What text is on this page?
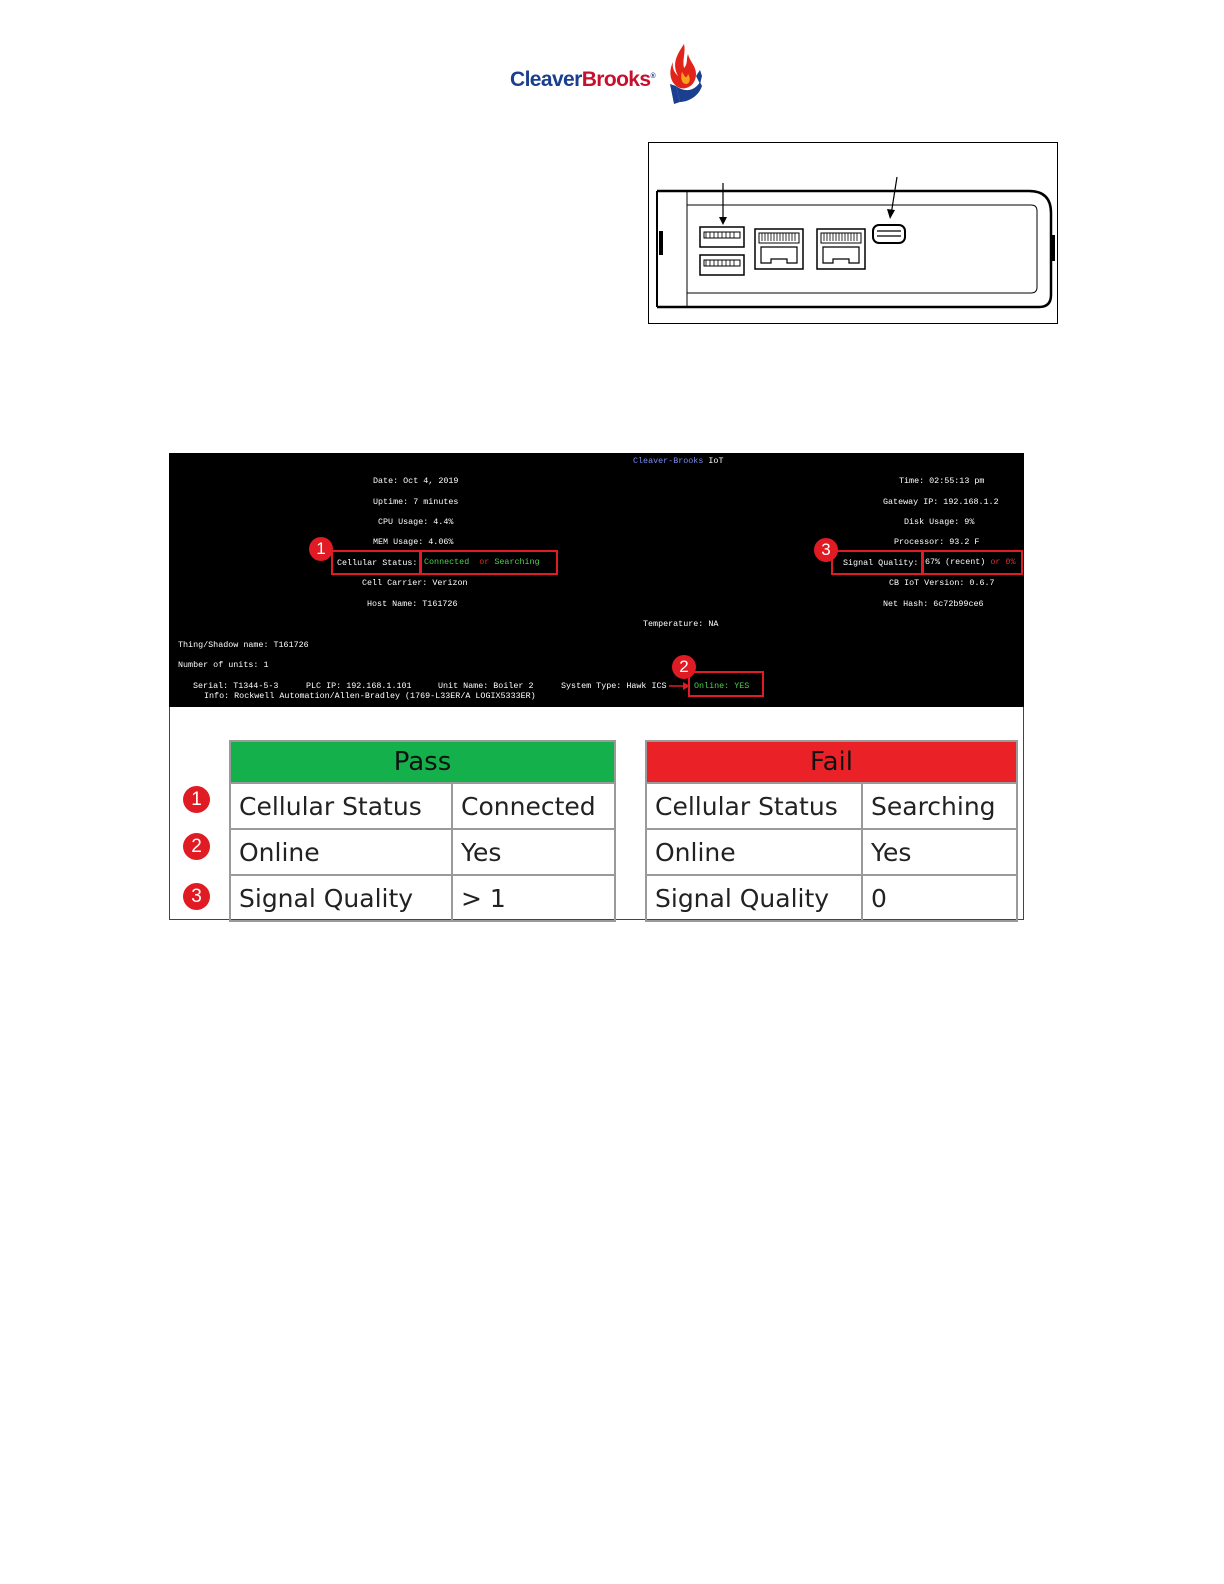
CleaverBrooks®
Cleaver-Brooks IoT
Date: Oct 4, 2019
Uptime: 7 minutes
CPU Usage: 4.4%
MEM Usage: 4.06%
Cellular Status: Connected  or Searching
1
Cell Carrier: Verizon
Host Name: T161726
Time: 02:55:13 pm
Gateway IP: 192.168.1.2
Disk Usage: 9%
Processor: 93.2 F
Signal Quality: 67% (recent) or 0%
3
CB IoT Version: 0.6.7
Net Hash: 6c72b99ce6
Temperature: NA
Thing/Shadow name: T161726
Number of units: 1
Serial: T1344-5-3	PLC IP: 192.168.1.101	Unit Name: Boiler 2	System Type: Hawk ICS	Online: YES
2
Info: Rockwell Automation/Allen-Bradley (1769-L33ER/A LOGIX5333ER)
1
2
3
Pass	
Cellular Status	Connected
Online	Yes
Signal Quality	> 1
Fail	
Cellular Status	Searching
Online	Yes
Signal Quality	0
